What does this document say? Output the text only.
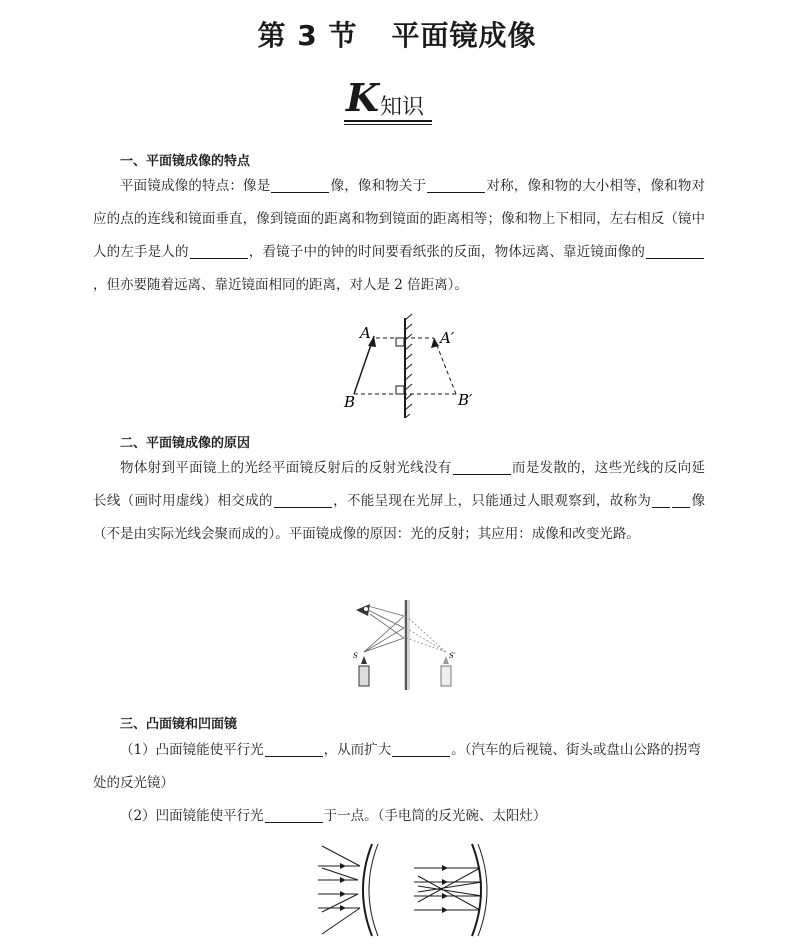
第 3 节 平面镜成像
K 知识
一、平面镜成像的特点

平面镜成像的特点：像是	像，像和物关于	对称，像和物的大小相等，像和物对应的点的连线和镜面垂直，像到镜面的距离和物到镜面的距离相等；像和物上下相同，左右相反（镜中人的左手是人的	，看镜子中的钟的时间要看纸张的反面，物体远离、靠近镜面像的，但亦要随着远离、靠近镜面相同的距离，对人是 2 倍距离）。

A	A′
B	B′
二、平面镜成像的原因

物体射到平面镜上的光经平面镜反射后的反射光线没有	而是发散的，这些光线的反向延长线（画时用虚线）相交成的	，不能呈现在光屏上，只能通过人眼观察到，故称为	像（不是由实际光线会聚而成的）。平面镜成像的原因：光的反射；其应用：成像和改变光路。

S	S′
三、凸面镜和凹面镜

（1）凸面镜能使平行光	，从而扩大	。（汽车的后视镜、街头或盘山公路的拐弯处的反光镜）

（2）凹面镜能使平行光	于一点。（手电筒的反光碗、太阳灶）
